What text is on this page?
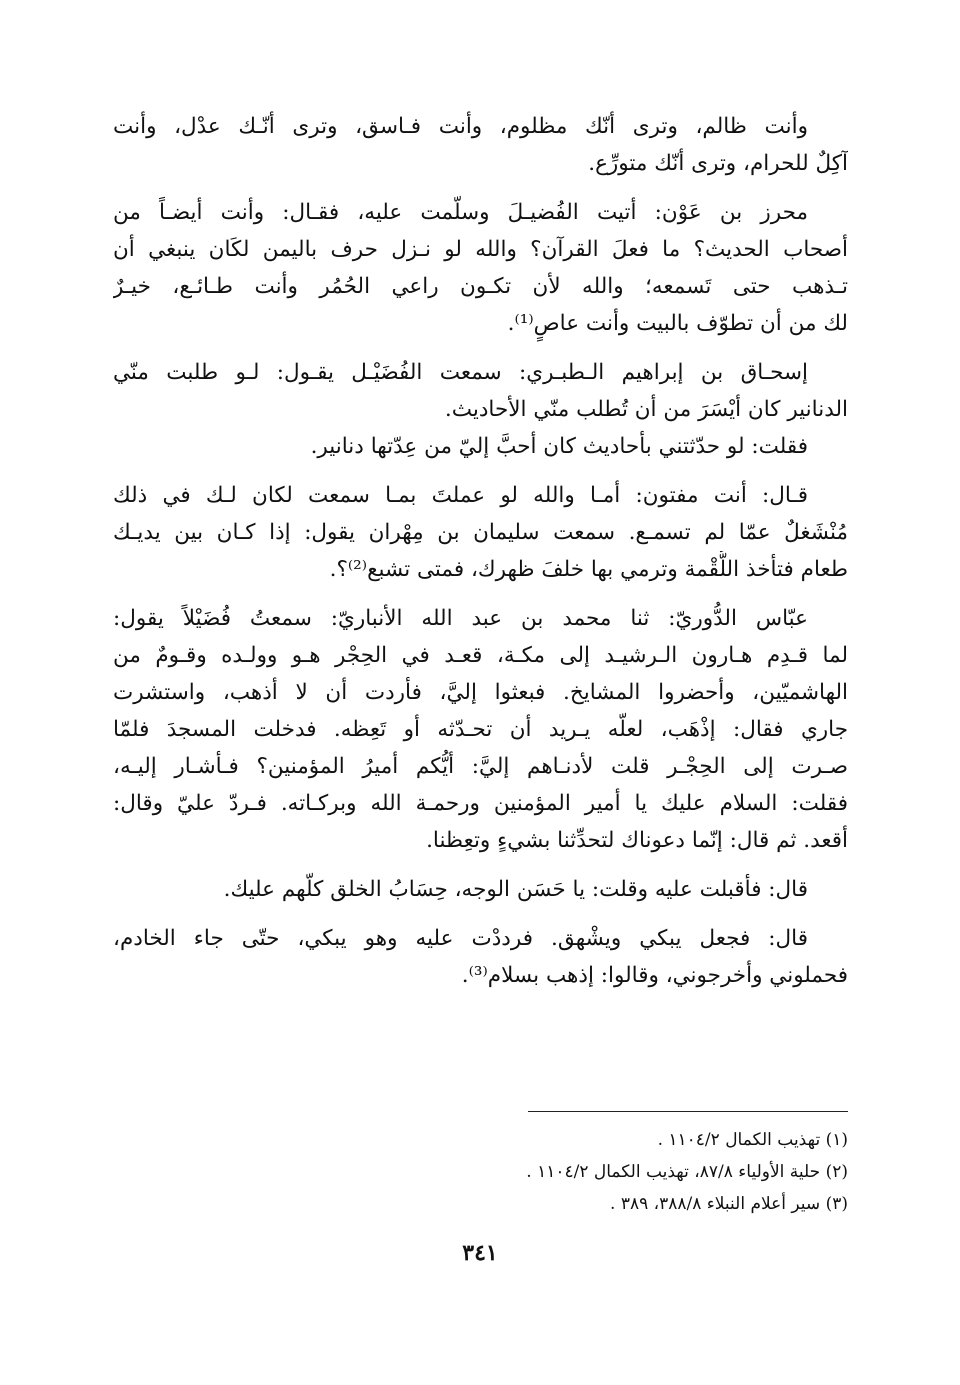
وأنت ظالم، وترى أنّك مظلوم، وأنت فـاسق، وترى أنّـك عدْل، وأنت
آكِلٌ للحرام، وترى أنّك متورِّع.
محرز بن عَوْن: أتيت الفُضيـلَ وسلّمت عليه، فقـال: وأنت أيضـاً من
أصحاب الحديث؟ ما فعلَ القرآن؟ والله لو نـزل حرف باليمن لكَان ينبغي أن
تـذهب حتى تَسمعه؛ والله لأن تكـون راعي الحُمُر وأنت طـائـع، خيـرٌ
لك من أن تطوّف بالبيت وأنت عاصٍ⁽¹⁾.
إسحـاق بن إبراهيم الـطبـري: سمعت الفُضَيْـل يقـول: لـو طلبت منّي
الدنانير كان أيْسَرَ من أن تُطلب منّي الأحاديث.
فقلت: لو حدّثتني بأحاديث كان أحبَّ إليّ من عِدّتها دنانير.
قـال: أنت مفتون: أمـا والله لو عملتَ بمـا سمعت لكان لـك في ذلك
مُنْشَغلٌ عمّا لم تسمـع. سمعت سليمان بن مِهْران يقول: إذا كـان بين يديـك
طعام فتأخذ اللُّقْمة وترمي بها خلفَ ظهرك، فمتى تشبع⁽²⁾؟.
عبّاس الدُّوريّ: ثنا محمد بن عبد الله الأنباريّ: سمعتُ فُضَيْلاً يقول:
لما قـدِم هـارون الـرشيـد إلى مكـة، قعـد في الحِجْر هـو وولـده وقـومٌ من
الهاشميّين، وأحضروا المشايخ. فبعثوا إليَّ، فأردت أن لا أذهب، واستشرت
جاري فقال: إذْهَب، لعلّه يـريد أن تحـدّثه أو تَعِظه. فدخلت المسجدَ فلمّا
صـرت إلى الحِجْـر قلت لأدنـاهم إليَّ: أيُّكم أميرُ المؤمنين؟ فـأشـار إليـه،
فقلت: السلام عليك يا أمير المؤمنين ورحمـة الله وبركـاته. فـردّ عليّ وقال:
أقعد. ثم قال: إنّما دعوناك لتحدِّثنا بشيءٍ وتعِظنا.
قال: فأقبلت عليه وقلت: يا حَسَن الوجه، حِسَابُ الخلق كلّهم عليك.
قال: فجعل يبكي ويشْهق. فرددْت عليه وهو يبكي، حتّى جاء الخادم،
فحملوني وأخرجوني، وقالوا: إذهب بسلام⁽³⁾.
(١) تهذيب الكمال ١١٠٤/٢ .
(٢) حلية الأولياء ٨٧/٨، تهذيب الكمال ١١٠٤/٢ .
(٣) سير أعلام النبلاء ٣٨٨/٨، ٣٨٩ .
٣٤١
